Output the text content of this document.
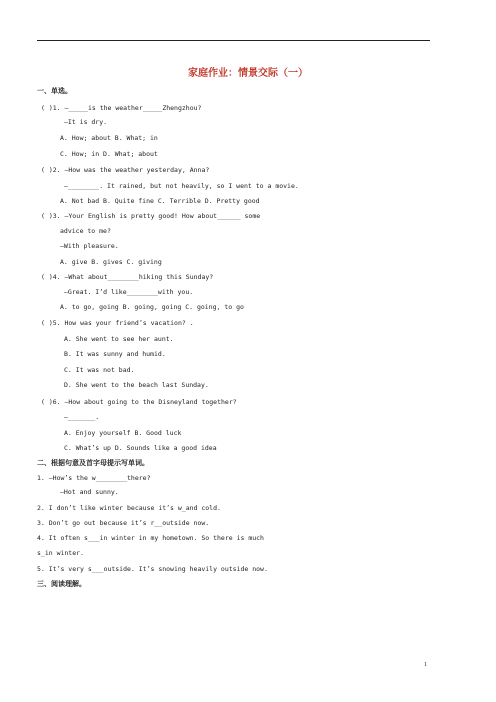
家庭作业：情景交际（一）
一、单选。
( )1. —_____is the weather_____Zhengzhou?
—It is dry.
A. How; about B. What; in
C. How; in D. What; about
( )2. —How was the weather yesterday, Anna?
—________. It rained, but not heavily, so I went to a movie.
A. Not bad B. Quite fine C. Terrible D. Pretty good
( )3. —Your English is pretty good! How about______ some
advice to me?
—With pleasure.
A. give B. gives C. giving
( )4. —What about________hiking this Sunday?
—Great. I’d like________with you.
A. to go, going B. going, going C. going, to go
( )5. How was your friend’s vacation? .
A. She went to see her aunt.
B. It was sunny and humid.
C. It was not bad.
D. She went to the beach last Sunday.
( )6. —How about going to the Disneyland together?
—_______.
A. Enjoy yourself B. Good luck
C. What’s up D. Sounds like a good idea
二、根据句意及首字母提示写单词。
1. —How’s the w________there?
—Hot and sunny.
2. I don’t like winter because it’s w_and cold.
3. Don’t go out because it’s r__outside now.
4. It often s___in winter in my hometown. So there is much
s_in winter.
5. It’s very s___outside. It’s snowing heavily outside now.
三、阅读理解。
1
